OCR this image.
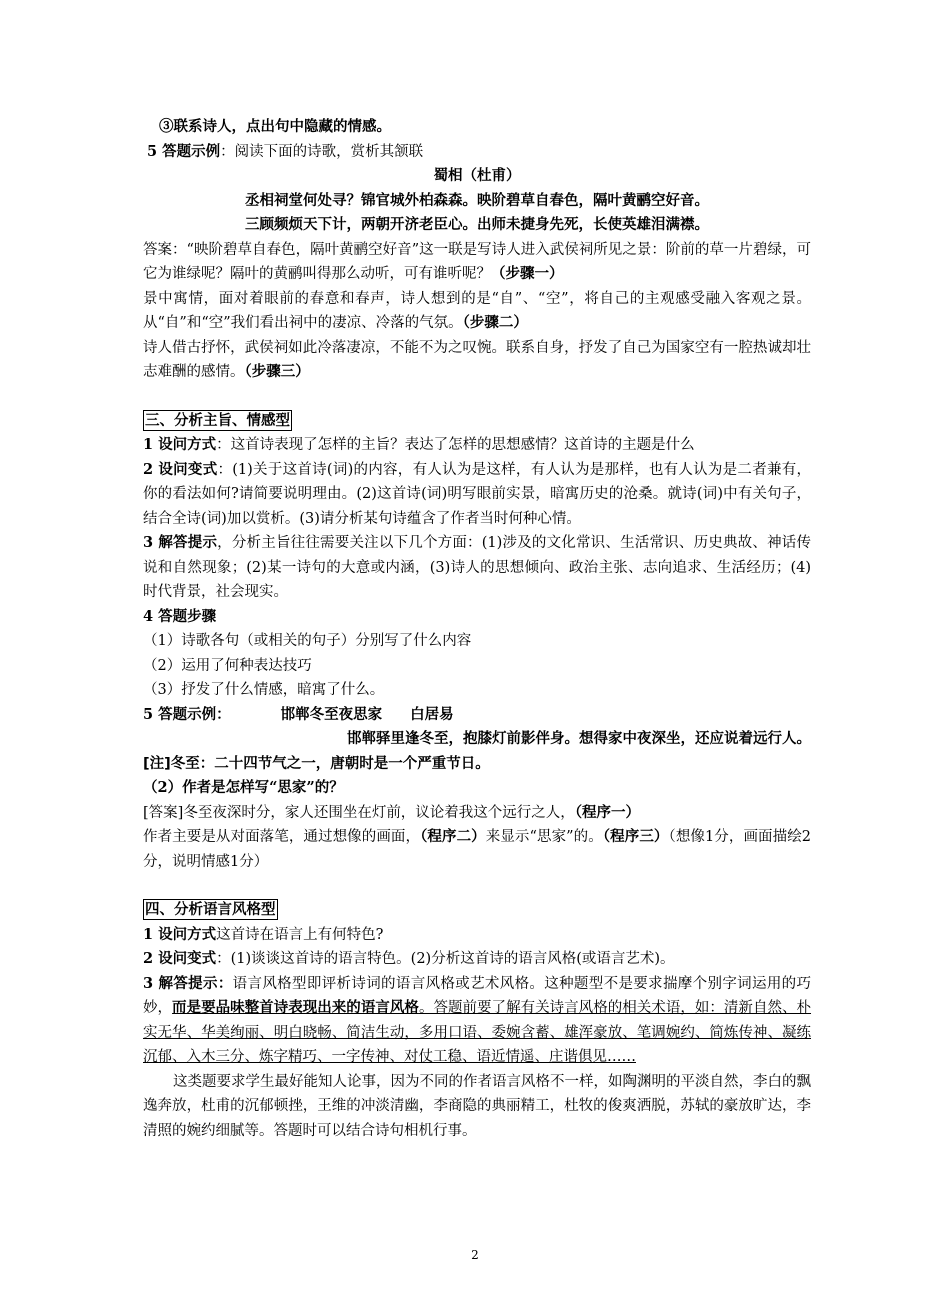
③联系诗人，点出句中隐藏的情感。

5 答题示例：阅读下面的诗歌，赏析其颔联

蜀相（杜甫）

丞相祠堂何处寻？锦官城外柏森森。映阶碧草自春色，隔叶黄鹂空好音。

三顾频烦天下计，两朝开济老臣心。出师未捷身先死，长使英雄泪满襟。

答案：“映阶碧草自春色，隔叶黄鹂空好音”这一联是写诗人进入武侯祠所见之景：阶前的草一片碧绿，可它为谁绿呢？隔叶的黄鹂叫得那么动听，可有谁听呢？（步骤一）

景中寓情，面对着眼前的春意和春声，诗人想到的是“自”、“空”，将自己的主观感受融入客观之景。从“自”和“空”我们看出祠中的凄凉、冷落的气氛。（步骤二）

诗人借古抒怀，武侯祠如此冷落凄凉，不能不为之叹惋。联系自身，抒发了自己为国家空有一腔热诚却壮志难酬的感情。（步骤三）

三、分析主旨、情感型

1 设问方式：这首诗表现了怎样的主旨？表达了怎样的思想感情？这首诗的主题是什么

2 设问变式：(1)关于这首诗(词)的内容，有人认为是这样，有人认为是那样，也有人认为是二者兼有，你的看法如何?请简要说明理由。(2)这首诗(词)明写眼前实景，暗寓历史的沧桑。就诗(词)中有关句子，结合全诗(词)加以赏析。(3)请分析某句诗蕴含了作者当时何种心情。

3 解答提示，分析主旨往往需要关注以下几个方面：(1)涉及的文化常识、生活常识、历史典故、神话传说和自然现象；(2)某一诗句的大意或内涵，(3)诗人的思想倾向、政治主张、志向追求、生活经历；(4)时代背景，社会现实。

4 答题步骤

（1）诗歌各句（或相关的句子）分别写了什么内容

（2）运用了何种表达技巧

（3）抒发了什么情感，暗寓了什么。

5 答题示例：	邯郸冬至夜思家 白居易

邯郸驿里逢冬至，抱膝灯前影伴身。想得家中夜深坐，还应说着远行人。

[注]冬至：二十四节气之一，唐朝时是一个严重节日。

（2）作者是怎样写“思家”的？

[答案]冬至夜深时分，家人还围坐在灯前，议论着我这个远行之人，（程序一）

作者主要是从对面落笔，通过想像的画面，（程序二）来显示“思家”的。（程序三）（想像1分，画面描绘2分，说明情感1分）

四、分析语言风格型

1 设问方式这首诗在语言上有何特色?

2 设问变式：(1)谈谈这首诗的语言特色。(2)分析这首诗的语言风格(或语言艺术)。

3 解答提示：语言风格型即评析诗词的语言风格或艺术风格。这种题型不是要求揣摩个别字词运用的巧妙，而是要品味整首诗表现出来的语言风格。答题前要了解有关诗言风格的相关术语，如：清新自然、朴实无华、华美绚丽、明白晓畅、简洁生动，多用口语、委婉含蓄、雄浑豪放、笔调婉约、简炼传神、凝练沉郁、入木三分、炼字精巧、一字传神、对仗工稳、语近情遥、庄谐俱见……

这类题要求学生最好能知人论事，因为不同的作者语言风格不一样，如陶渊明的平淡自然，李白的飘逸奔放，杜甫的沉郁顿挫，王维的冲淡清幽，李商隐的典丽精工，杜牧的俊爽洒脱，苏轼的豪放旷达，李清照的婉约细腻等。答题时可以结合诗句相机行事。

2
